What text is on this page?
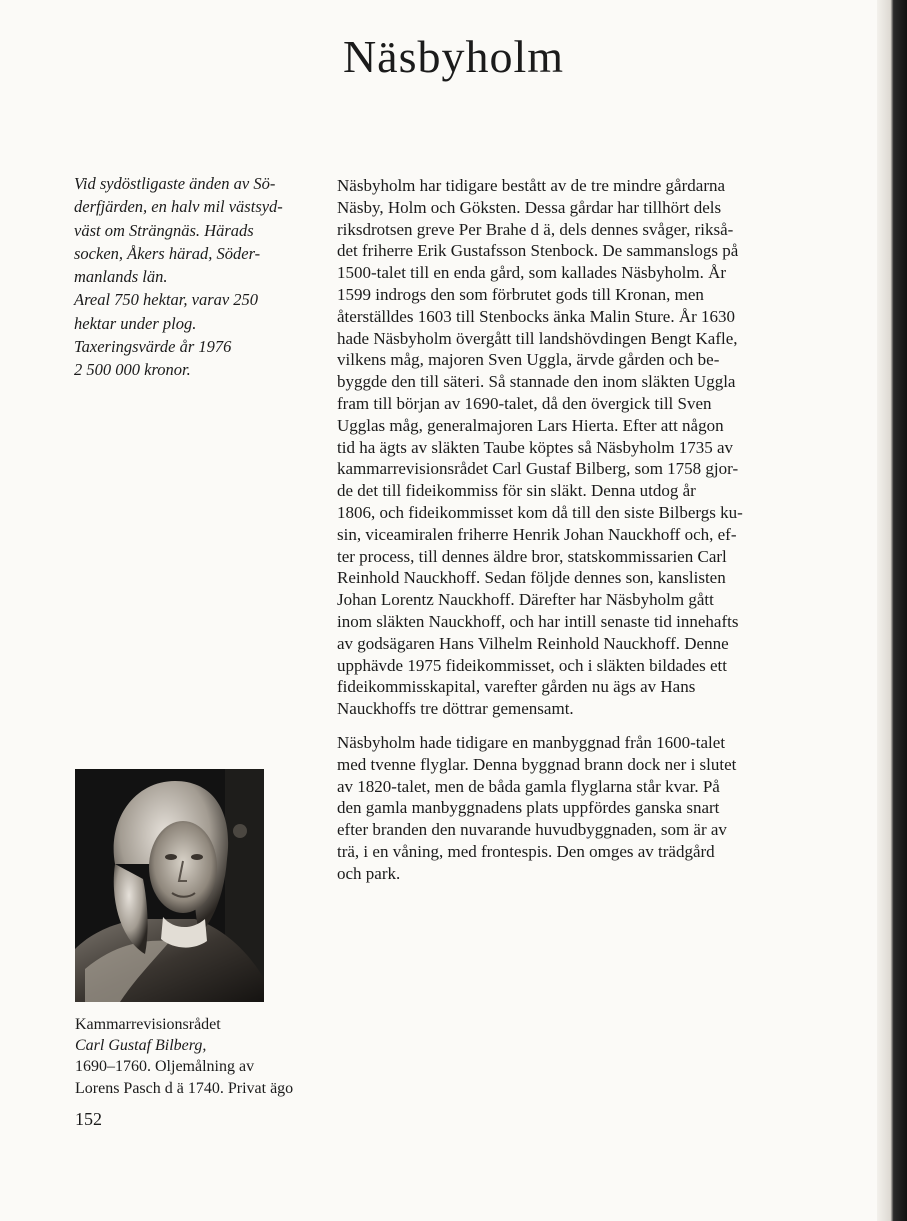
Näsbyholm

Vid sydöstligaste änden av Sö-
derfjärden, en halv mil västsyd-
väst om Strängnäs. Härads
socken, Åkers härad, Söder-
manlands län.

Areal 750 hektar, varav 250
hektar under plog.

Taxeringsvärde år 1976
2 500 000 kronor.

Näsbyholm har tidigare bestått av de tre mindre gårdarna
Näsby, Holm och Göksten. Dessa gårdar har tillhört dels
riksdrotsen greve Per Brahe d ä, dels dennes svåger, rikså-
det friherre Erik Gustafsson Stenbock. De sammanslogs på
1500-talet till en enda gård, som kallades Näsbyholm. År
1599 indrogs den som förbrutet gods till Kronan, men
återställdes 1603 till Stenbocks änka Malin Sture. År 1630
hade Näsbyholm övergått till landshövdingen Bengt Kafle,
vilkens måg, majoren Sven Uggla, ärvde gården och be-
byggde den till säteri. Så stannade den inom släkten Uggla
fram till början av 1690-talet, då den övergick till Sven
Ugglas måg, generalmajoren Lars Hierta. Efter att någon
tid ha ägts av släkten Taube köptes så Näsbyholm 1735 av
kammarrevisionsrådet Carl Gustaf Bilberg, som 1758 gjor-
de det till fideikommiss för sin släkt. Denna utdog år
1806, och fideikommisset kom då till den siste Bilbergs ku-
sin, viceamiralen friherre Henrik Johan Nauckhoff och, ef-
ter process, till dennes äldre bror, statskommissarien Carl
Reinhold Nauckhoff. Sedan följde dennes son, kanslisten
Johan Lorentz Nauckhoff. Därefter har Näsbyholm gått
inom släkten Nauckhoff, och har intill senaste tid innehafts
av godsägaren Hans Vilhelm Reinhold Nauckhoff. Denne
upphävde 1975 fideikommisset, och i släkten bildades ett
fideikommisskapital, varefter gården nu ägs av Hans
Nauckhoffs tre döttrar gemensamt.

Näsbyholm hade tidigare en manbyggnad från 1600-talet
med tvenne flyglar. Denna byggnad brann dock ner i slutet
av 1820-talet, men de båda gamla flyglarna står kvar. På
den gamla manbyggnadens plats uppfördes ganska snart
efter branden den nuvarande huvudbyggnaden, som är av
trä, i en våning, med frontespis. Den omges av trädgård
och park.

Kammarrevisionsrådet
Carl Gustaf Bilberg,
1690–1760. Oljemålning av
Lorens Pasch d ä 1740. Privat ägo
152
